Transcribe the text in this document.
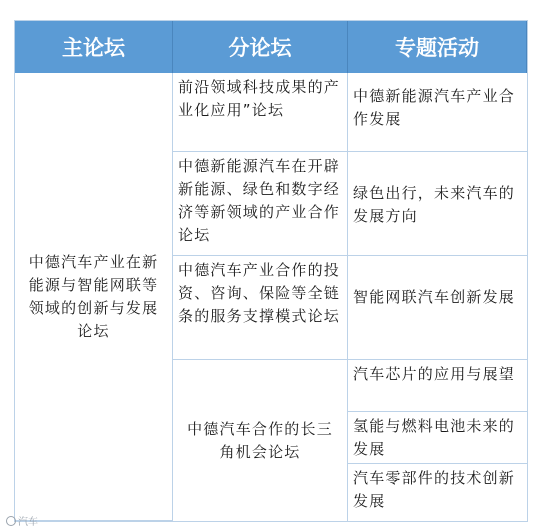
主论坛	分论坛	专题活动
中德汽车产业在新能源与智能网联等领域的创新与发展论坛
前沿领域科技成果的产业化应用”论坛
中德新能源汽车在开辟新能源、绿色和数字经济等新领域的产业合作论坛
中德汽车产业合作的投资、咨询、保险等全链条的服务支撑模式论坛
中德汽车合作的长三角机会论坛
中德新能源汽车产业合作发展
绿色出行，未来汽车的发展方向
智能网联汽车创新发展
汽车芯片的应用与展望
氢能与燃料电池未来的发展
汽车零部件的技术创新发展
汽车
